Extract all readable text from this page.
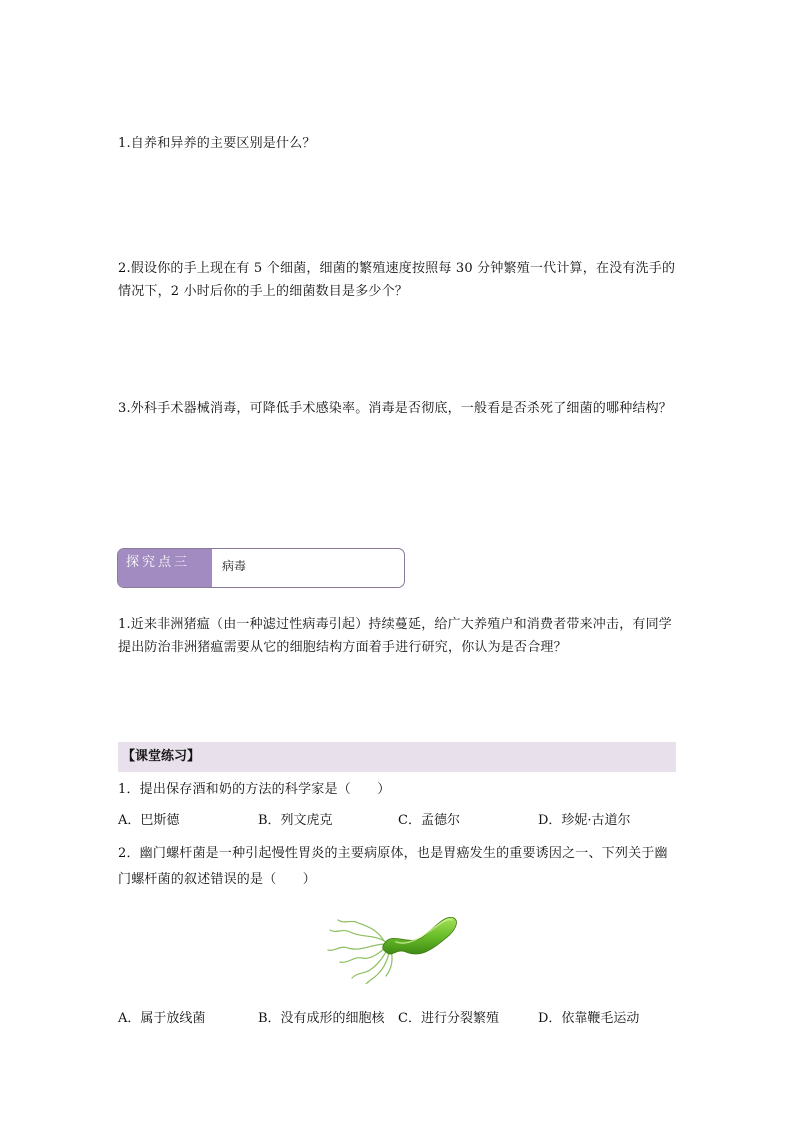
1.自养和异养的主要区别是什么？
2.假设你的手上现在有 5 个细菌，细菌的繁殖速度按照每 30 分钟繁殖一代计算，在没有洗手的情况下，2 小时后你的手上的细菌数目是多少个？
3.外科手术器械消毒，可降低手术感染率。消毒是否彻底，一般看是否杀死了细菌的哪种结构？
探究点三	病毒
1.近来非洲猪瘟（由一种滤过性病毒引起）持续蔓延，给广大养殖户和消费者带来冲击，有同学提出防治非洲猪瘟需要从它的细胞结构方面着手进行研究，你认为是否合理？
【课堂练习】
1．提出保存酒和奶的方法的科学家是（　　）
A．巴斯德	B．列文虎克	C．孟德尔	D．珍妮·古道尔
2．幽门螺杆菌是一种引起慢性胃炎的主要病原体，也是胃癌发生的重要诱因之一、下列关于幽门螺杆菌的叙述错误的是（　　）
A．属于放线菌	B．没有成形的细胞核	C．进行分裂繁殖	D．依靠鞭毛运动
